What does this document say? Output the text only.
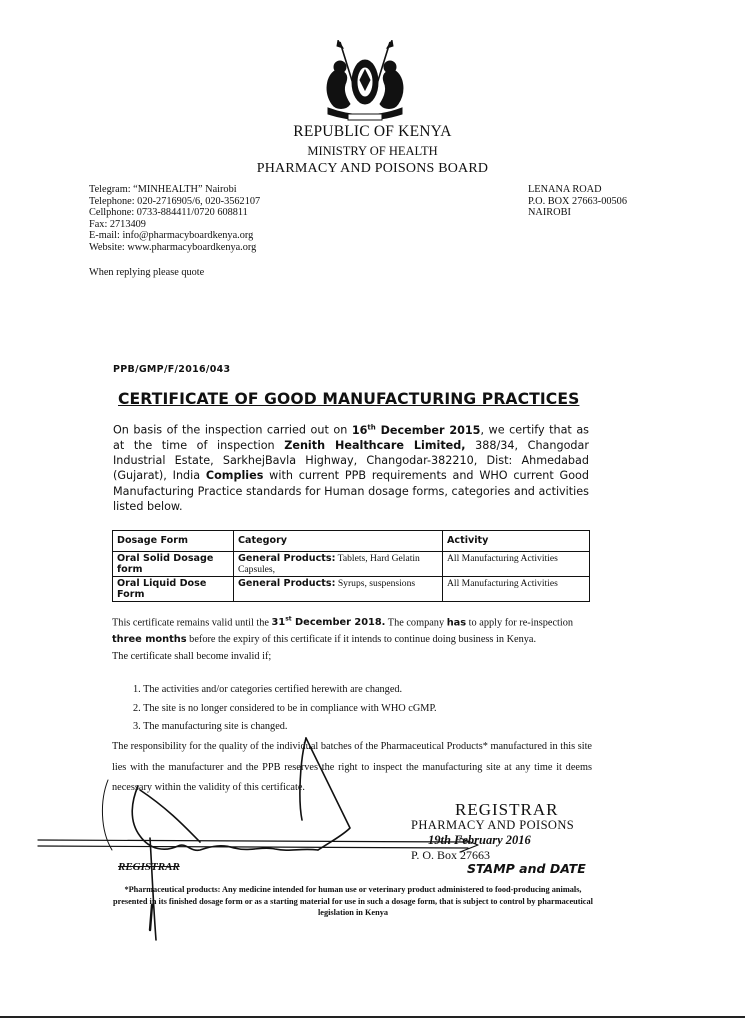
REPUBLIC OF KENYA
MINISTRY OF HEALTH
PHARMACY AND POISONS BOARD
Telegram: “MINHEALTH” Nairobi
Telephone: 020-2716905/6, 020-3562107
Cellphone: 0733-884411/0720 608811
Fax: 2713409
E-mail: info@pharmacyboardkenya.org
Website: www.pharmacyboardkenya.org
LENANA ROAD
P.O. BOX 27663-00506
NAIROBI
When replying please quote
PPB/GMP/F/2016/043
CERTIFICATE OF GOOD MANUFACTURING PRACTICES
On basis of the inspection carried out on 16th December 2015, we certify that as at the time of inspection Zenith Healthcare Limited, 388/34, Changodar Industrial Estate, SarkhejBavla Highway, Changodar-382210, Dist: Ahmedabad (Gujarat), India Complies with current PPB requirements and WHO current Good Manufacturing Practice standards for Human dosage forms, categories and activities listed below.
Dosage Form	Category	Activity
Oral Solid Dosage form	General Products: Tablets, Hard Gelatin Capsules,	All Manufacturing Activities
Oral Liquid Dose Form	General Products: Syrups, suspensions	All Manufacturing Activities

This certificate remains valid until the 31st December 2018. The company has to apply for re-inspection three months before the expiry of this certificate if it intends to continue doing business in Kenya.

The certificate shall become invalid if;

1. The activities and/or categories certified herewith are changed.
2. The site is no longer considered to be in compliance with WHO cGMP.
3. The manufacturing site is changed.
The responsibility for the quality of the individual batches of the Pharmaceutical Products* manufactured in this site lies with the manufacturer and the PPB reserves the right to inspect the manufacturing site at any time it deems necessary within the validity of this certificate.
REGISTRAR
PHARMACY AND POISONS
19th February 2016
P. O. Box 27663
STAMP and DATE
REGISTRAR
*Pharmaceutical products: Any medicine intended for human use or veterinary product administered to food-producing animals, presented in its finished dosage form or as a starting material for use in such a dosage form, that is subject to control by pharmaceutical legislation in Kenya
